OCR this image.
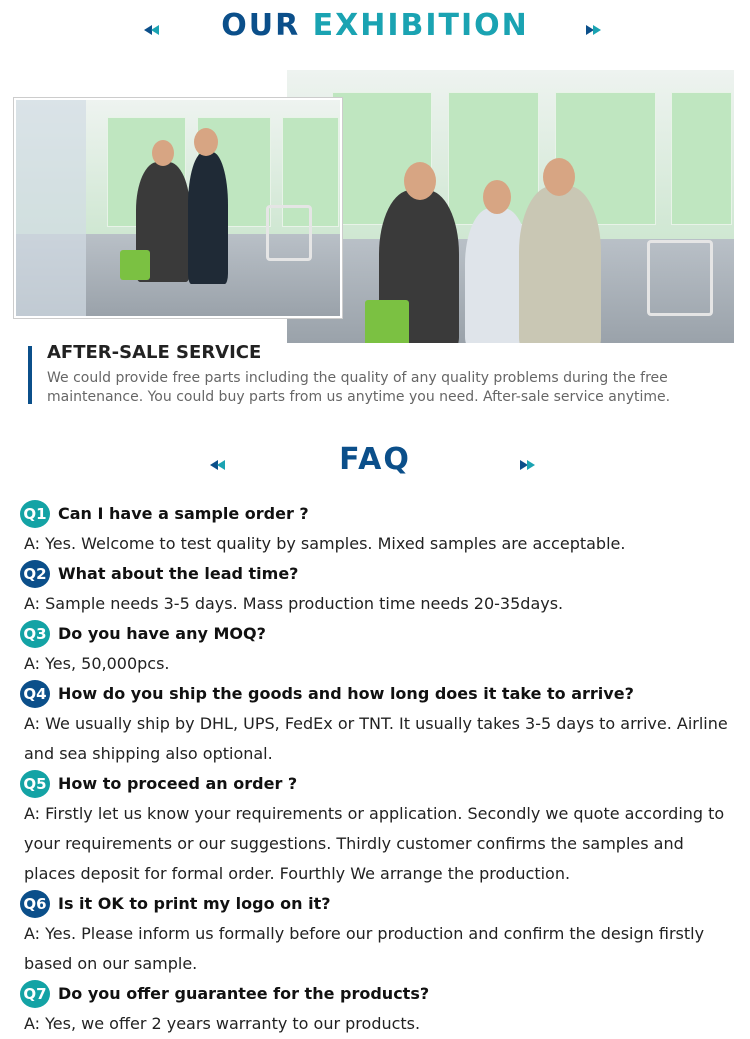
OUR EXHIBITION
AFTER-SALE SERVICE
We could provide free parts including the quality of any quality problems during the free maintenance. You could buy parts from us anytime you need. After-sale service anytime.
FAQ
Q1 Can I have a sample order ?
A: Yes. Welcome to test quality by samples. Mixed samples are acceptable.
Q2 What about the lead time?
A: Sample needs 3-5 days. Mass production time needs 20-35days.
Q3 Do you have any MOQ?
A: Yes, 50,000pcs.
Q4 How do you ship the goods and how long does it take to arrive?
A: We usually ship by DHL, UPS, FedEx or TNT. It usually takes 3-5 days to arrive. Airline and sea shipping also optional.
Q5 How to proceed an order ?
A: Firstly let us know your requirements or application. Secondly we quote according to your requirements or our suggestions. Thirdly customer confirms the samples and places deposit for formal order. Fourthly We arrange the production.
Q6 Is it OK to print my logo on it?
A: Yes. Please inform us formally before our production and confirm the design firstly based on our sample.
Q7 Do you offer guarantee for the products?
A: Yes, we offer 2 years warranty to our products.
